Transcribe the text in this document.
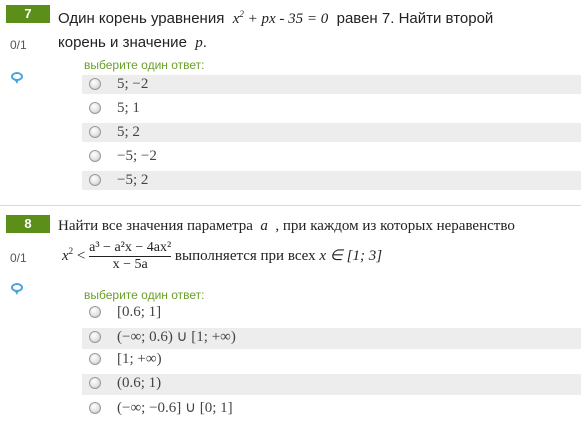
7
0/1
Один корень уравнения $x^2$ + px - 35 = 0 равен 7. Найти второй
корень и значение p.
выберите один ответ:
5; −2
5; 1
5; 2
−5; −2
−5; 2
8
0/1
Найти все значения параметра a , при каждом из которых неравенство
$x^2 < \frac{\text{a³ − a²x − 4ax²}}{x - 5a}$ выполняется при всех x ∈ [1; 3]
выберите один ответ:
[0.6; 1]
(−∞; 0.6) ∪ [1; +∞)
[1; +∞)
(0.6; 1)
(−∞; −0.6] ∪ [0; 1]
